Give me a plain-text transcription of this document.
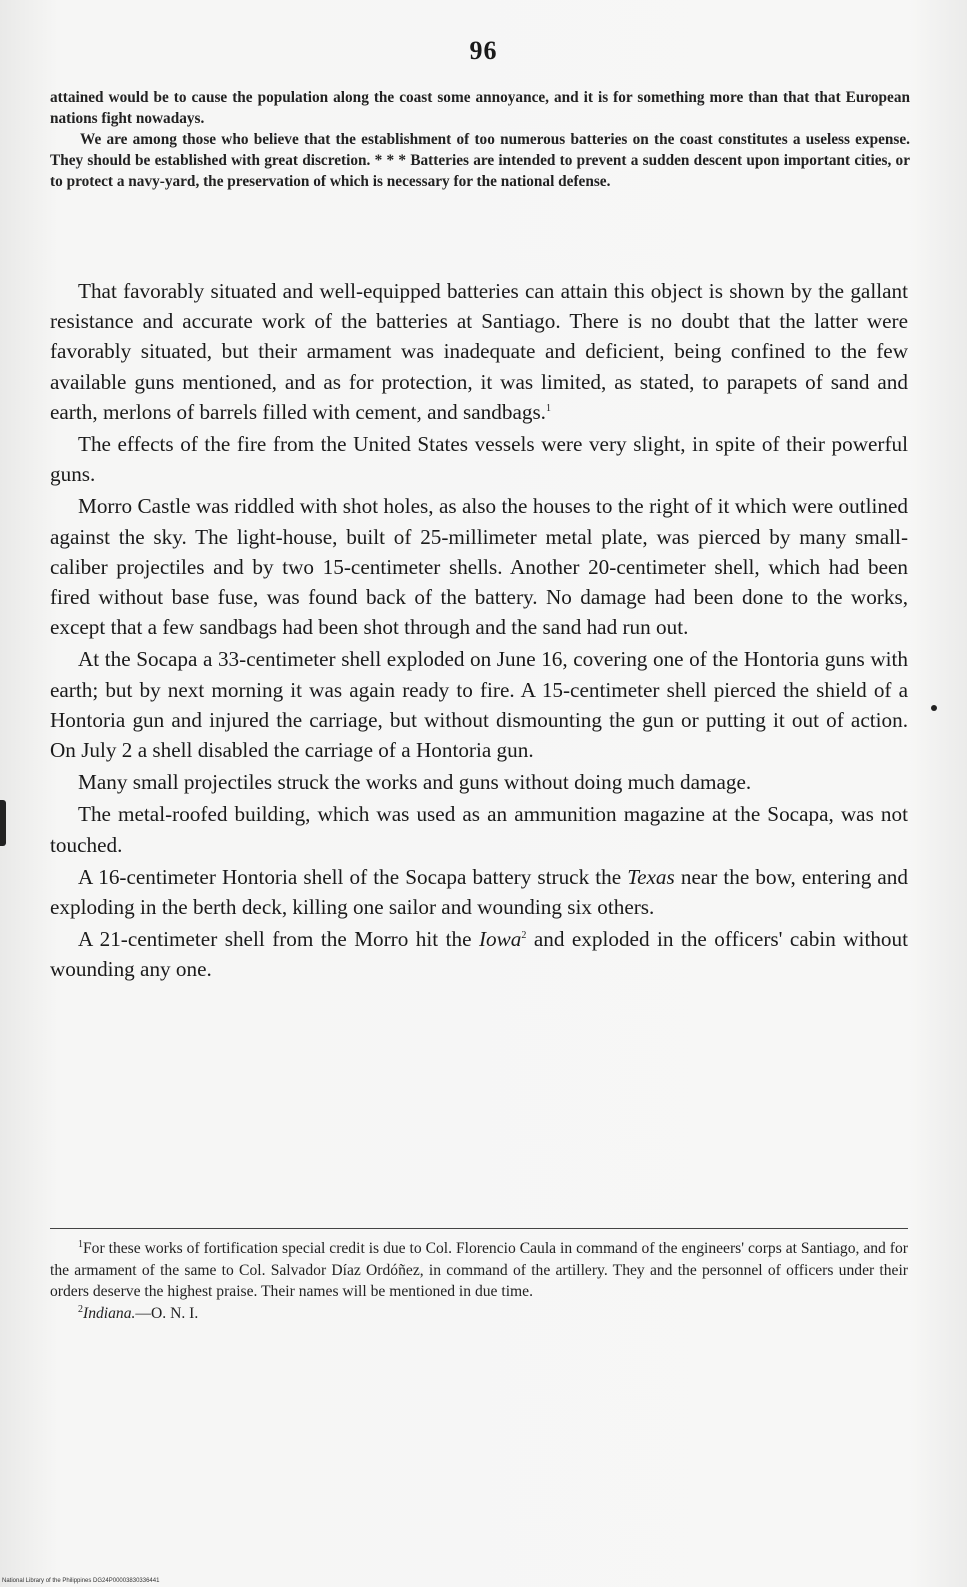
96

attained would be to cause the population along the coast some annoyance, and it is for something more than that that European nations fight nowadays.

We are among those who believe that the establishment of too numerous batteries on the coast constitutes a useless expense. They should be established with great discretion. * * * Batteries are intended to prevent a sudden descent upon important cities, or to protect a navy-yard, the preservation of which is necessary for the national defense.

That favorably situated and well-equipped batteries can attain this object is shown by the gallant resistance and accurate work of the batteries at Santiago. There is no doubt that the latter were favorably situated, but their armament was inadequate and deficient, being confined to the few available guns mentioned, and as for protection, it was limited, as stated, to parapets of sand and earth, merlons of barrels filled with cement, and sandbags.$^1$

The effects of the fire from the United States vessels were very slight, in spite of their powerful guns.

Morro Castle was riddled with shot holes, as also the houses to the right of it which were outlined against the sky. The light-house, built of 25-millimeter metal plate, was pierced by many small-caliber projectiles and by two 15-centimeter shells. Another 20-centimeter shell, which had been fired without base fuse, was found back of the battery. No damage had been done to the works, except that a few sandbags had been shot through and the sand had run out.

At the Socapa a 33-centimeter shell exploded on June 16, covering one of the Hontoria guns with earth; but by next morning it was again ready to fire. A 15-centimeter shell pierced the shield of a Hontoria gun and injured the carriage, but without dismounting the gun or putting it out of action. On July 2 a shell disabled the carriage of a Hontoria gun.

Many small projectiles struck the works and guns without doing much damage.

The metal-roofed building, which was used as an ammunition magazine at the Socapa, was not touched.

A 16-centimeter Hontoria shell of the Socapa battery struck the Texas near the bow, entering and exploding in the berth deck, killing one sailor and wounding six others.

A 21-centimeter shell from the Morro hit the Iowa$^2$ and exploded in the officers' cabin without wounding any one.

$^1$For these works of fortification special credit is due to Col. Florencio Caula in command of the engineers' corps at Santiago, and for the armament of the same to Col. Salvador Díaz Ordóñez, in command of the artillery. They and the personnel of officers under their orders deserve the highest praise. Their names will be mentioned in due time.

$^2$Indiana.—O. N. I.

National Library of the Philippines DG24P00003830336441
